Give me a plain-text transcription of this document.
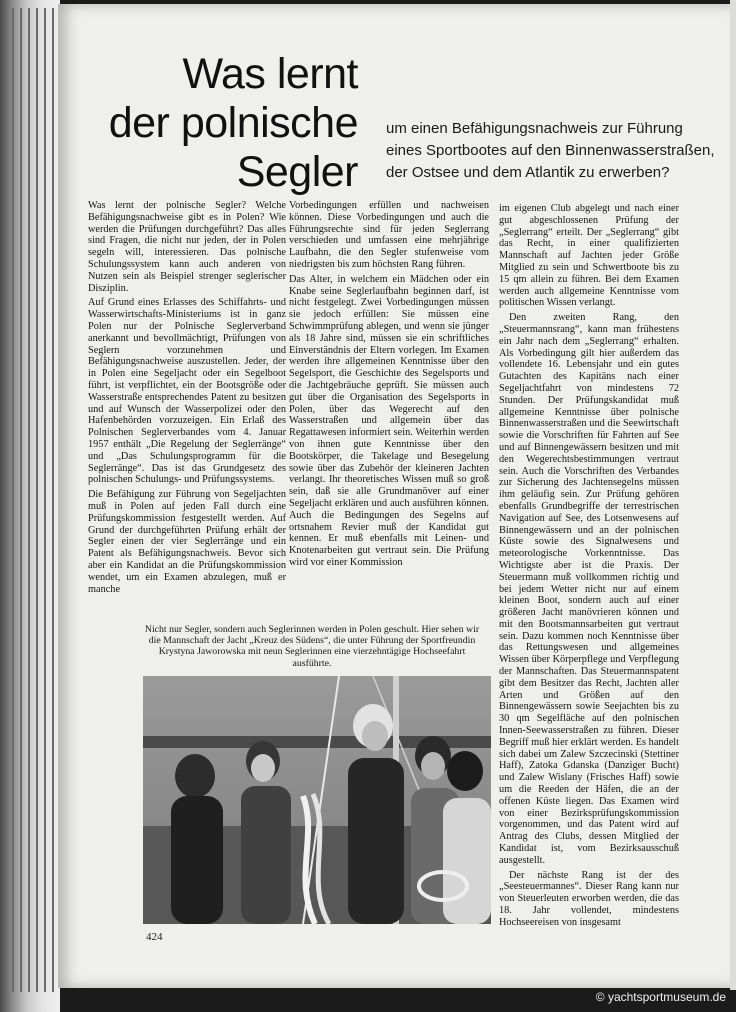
Was lernt
der polnische
Segler
um einen Befähigungsnachweis zur Führung
eines Sportbootes auf den Binnenwasserstraßen,
der Ostsee und dem Atlantik zu erwerben?

Was lernt der polnische Segler? Welche Befähigungsnachweise gibt es in Polen? Wie werden die Prüfungen durchgeführt? Das alles sind Fragen, die nicht nur jeden, der in Polen segeln will, interessieren. Das polnische Schulungssystem kann auch anderen von Nutzen sein als Beispiel strenger seglerischer Disziplin.

Auf Grund eines Erlasses des Schiffahrts- und Wasserwirtschafts-Ministeriums ist in ganz Polen nur der Polnische Seglerverband anerkannt und bevollmächtigt, Prüfungen von Seglern vorzunehmen und Befähigungsnachweise auszustellen. Jeder, der in Polen eine Segeljacht oder ein Segelboot führt, ist verpflichtet, ein der Bootsgröße oder Wasserstraße entsprechendes Patent zu besitzen und auf Wunsch der Wasserpolizei oder den Hafenbehörden vorzuzeigen. Ein Erlaß des Polnischen Seglerverbandes vom 4. Januar 1957 enthält „Die Regelung der Seglerränge“ und „Das Schulungsprogramm für die Seglerränge“. Das ist das Grundgesetz des polnischen Schulungs- und Prüfungssystems.

Die Befähigung zur Führung von Segeljachten muß in Polen auf jeden Fall durch eine Prüfungskommission festgestellt werden. Auf Grund der durchgeführten Prüfung erhält der Segler einen der vier Seglerränge und ein Patent als Befähigungsnachweis. Bevor sich aber ein Kandidat an die Prüfungskommission wendet, um ein Examen abzulegen, muß er manche

Vorbedingungen erfüllen und nachweisen können. Diese Vorbedingungen und auch die Führungsrechte sind für jeden Seglerrang verschieden und umfassen eine mehrjährige Laufbahn, die den Segler stufenweise vom niedrigsten bis zum höchsten Rang führen.

Das Alter, in welchem ein Mädchen oder ein Knabe seine Seglerlaufbahn beginnen darf, ist nicht festgelegt. Zwei Vorbedingungen müssen sie jedoch erfüllen: Sie müssen eine Schwimmprüfung ablegen, und wenn sie jünger als 18 Jahre sind, müssen sie ein schriftliches Einverständnis der Eltern vorlegen. Im Examen werden ihre allgemeinen Kenntnisse über den Segelsport, die Geschichte des Segelsports und die Jachtgebräuche geprüft. Sie müssen auch gut über die Organisation des Segelsports in Polen, über das Wegerecht auf den Wasserstraßen und allgemein über das Regattawesen informiert sein. Weiterhin werden von ihnen gute Kenntnisse über den Bootskörper, die Takelage und Besegelung sowie über das Zubehör der kleineren Jachten verlangt. Ihr theoretisches Wissen muß so groß sein, daß sie alle Grundmanöver auf einer Segeljacht erklären und auch ausführen können. Auch die Bedingungen des Segelns auf ortsnahem Revier muß der Kandidat gut kennen. Er muß ebenfalls mit Leinen- und Knotenarbeiten gut vertraut sein. Die Prüfung wird vor einer Kommission

im eigenen Club abgelegt und nach einer gut abgeschlossenen Prüfung der „Seglerrang“ erteilt. Der „Seglerrang“ gibt das Recht, in einer qualifizierten Mannschaft auf Jachten jeder Größe Mitglied zu sein und Schwertboote bis zu 15 qm allein zu führen. Bei dem Examen werden auch allgemeine Kenntnisse vom politischen Wissen verlangt.

Den zweiten Rang, den „Steuermannsrang“, kann man frühestens ein Jahr nach dem „Seglerrang“ erhalten. Als Vorbedingung gilt hier außerdem das vollendete 16. Lebensjahr und ein gutes Gutachten des Kapitäns nach einer Segeljachtfahrt von mindestens 72 Stunden. Der Prüfungskandidat muß allgemeine Kenntnisse über polnische Binnenwasserstraßen und die Seewirtschaft sowie die Vorschriften für Fahrten auf See und auf Binnengewässern besitzen und mit den Wegerechtsbestimmungen vertraut sein. Auch die Vorschriften des Verbandes zur Sicherung des Jachtensegelns müssen ihm geläufig sein. Zur Prüfung gehören ebenfalls Grundbegriffe der terrestrischen Navigation auf See, des Lotsenwesens auf Binnengewässern und an der polnischen Küste sowie des Signalwesens und meteorologische Vorkenntnisse. Das Wichtigste aber ist die Praxis. Der Steuermann muß vollkommen richtig und bei jedem Wetter nicht nur auf einem kleinen Boot, sondern auch auf einer größeren Jacht manövrieren können und mit den Bootsmannsarbeiten gut vertraut sein. Dazu kommen noch Kenntnisse über das Rettungswesen und allgemeines Wissen über Körperpflege und Verpflegung der Mannschaften. Das Steuermannspatent gibt dem Besitzer das Recht, Jachten aller Arten und Größen auf den Binnengewässern sowie Seejachten bis zu 30 qm Segelfläche auf den polnischen Innen-Seewasserstraßen zu führen. Dieser Begriff muß hier erklärt werden. Es handelt sich dabei um Zalew Szczecinski (Stettiner Haff), Zatoka Gdanska (Danziger Bucht) und Zalew Wislany (Frisches Haff) sowie um die Reeden der Häfen, die an der offenen Küste liegen. Das Examen wird von einer Bezirksprüfungskommission vorgenommen, und das Patent wird auf Antrag des Clubs, dessen Mitglied der Kandidat ist, vom Bezirksausschuß ausgestellt.

Der nächste Rang ist der des „Seesteuermannes“. Dieser Rang kann nur von Steuerleuten erworben werden, die das 18. Jahr vollendet, mindestens Hochseereisen von insgesamt

Nicht nur Segler, sondern auch Seglerinnen werden in Polen geschult. Hier sehen wir die Mannschaft der Jacht „Kreuz des Südens“, die unter Führung der Sportfreundin Krystyna Jaworowska mit neun Seglerinnen eine vierzehntägige Hochseefahrt ausführte.
424
© yachtsportmuseum.de
